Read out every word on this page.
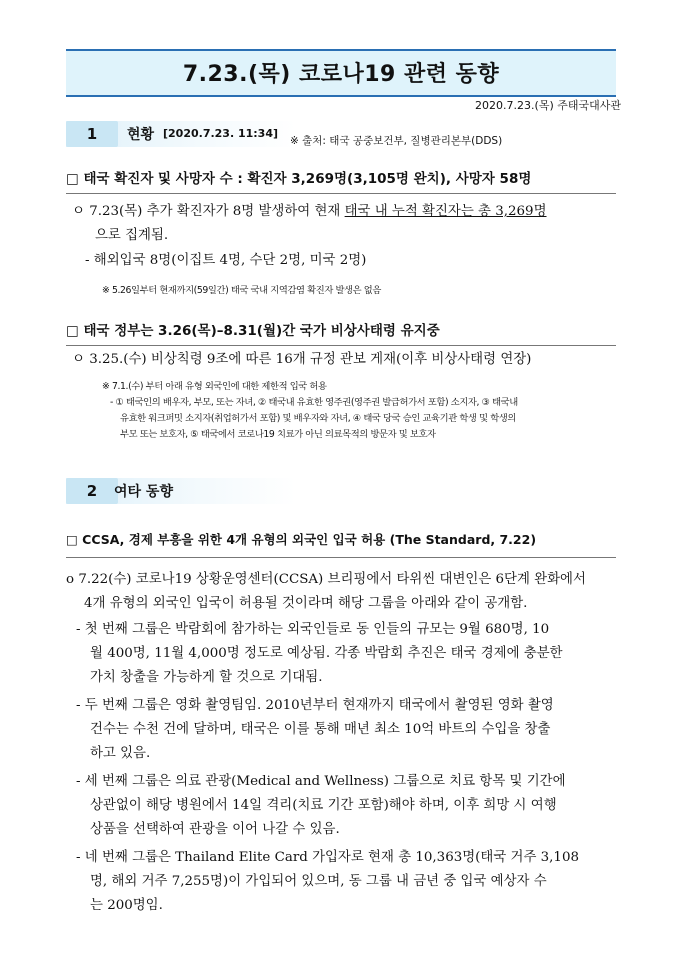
7.23.(목) 코로나19 관련 동향
2020.7.23.(목) 주태국대사관
1	현황 [2020.7.23. 11:34]
※ 출처: 태국 공중보건부, 질병관리본부(DDS)
□ 태국 확진자 및 사망자 수 : 확진자 3,269명(3,105명 완치), 사망자 58명
ㅇ 7.23(목) 추가 확진자가 8명 발생하여 현재 태국 내 누적 확진자는 총 3,269명
으로 집계됨.
- 해외입국 8명(이집트 4명, 수단 2명, 미국 2명)
※ 5.26일부터 현재까지(59일간) 태국 국내 지역감염 확진자 발생은 없음
□ 태국 정부는 3.26(목)–8.31(월)간 국가 비상사태령 유지중
ㅇ 3.25.(수) 비상칙령 9조에 따른 16개 규정 관보 게재(이후 비상사태령 연장)
※ 7.1.(수) 부터 아래 유형 외국인에 대한 제한적 입국 허용
- ① 태국인의 배우자, 부모, 또는 자녀, ② 태국내 유효한 영주권(영주권 발급허가서 포함) 소지자, ③ 태국내
유효한 워크퍼밋 소지자(취업허가서 포함) 및 배우자와 자녀, ④ 태국 당국 승인 교육기관 학생 및 학생의
부모 또는 보호자, ⑤ 태국에서 코로나19 치료가 아닌 의료목적의 방문자 및 보호자
2	여타 동향
□ CCSA, 경제 부흥을 위한 4개 유형의 외국인 입국 허용 (The Standard, 7.22)
o 7.22(수) 코로나19 상황운영센터(CCSA) 브리핑에서 타위씬 대변인은 6단계 완화에서
4개 유형의 외국인 입국이 허용될 것이라며 해당 그룹을 아래와 같이 공개함.
- 첫 번째 그룹은 박람회에 참가하는 외국인들로 동 인들의 규모는 9월 680명, 10
월 400명, 11월 4,000명 정도로 예상됨. 각종 박람회 추진은 태국 경제에 충분한
가치 창출을 가능하게 할 것으로 기대됨.
- 두 번째 그룹은 영화 촬영팀임. 2010년부터 현재까지 태국에서 촬영된 영화 촬영
건수는 수천 건에 달하며, 태국은 이를 통해 매년 최소 10억 바트의 수입을 창출
하고 있음.
- 세 번째 그룹은 의료 관광(Medical and Wellness) 그룹으로 치료 항목 및 기간에
상관없이 해당 병원에서 14일 격리(치료 기간 포함)해야 하며, 이후 희망 시 여행
상품을 선택하여 관광을 이어 나갈 수 있음.
- 네 번째 그룹은 Thailand Elite Card 가입자로 현재 총 10,363명(태국 거주 3,108
명, 해외 거주 7,255명)이 가입되어 있으며, 동 그룹 내 금년 중 입국 예상자 수
는 200명임.
